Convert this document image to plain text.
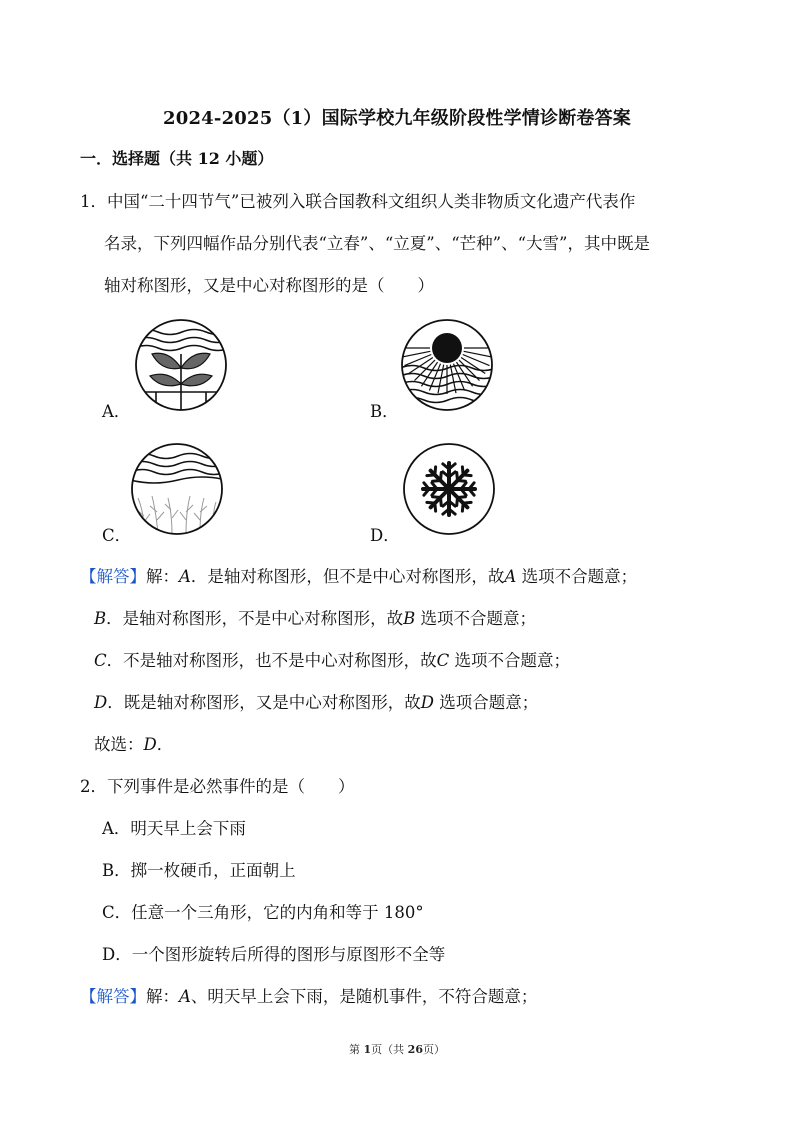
2024-2025（1）国际学校九年级阶段性学情诊断卷答案
一．选择题（共 12 小题）
1．中国“二十四节气”已被列入联合国教科文组织人类非物质文化遗产代表作
名录，下列四幅作品分别代表“立春”、“立夏”、“芒种”、“大雪”，其中既是
轴对称图形，又是中心对称图形的是（　　）
A．	B．
C．	D．
【解答】解：A．是轴对称图形，但不是中心对称图形，故A 选项不合题意；
B．是轴对称图形，不是中心对称图形，故B 选项不合题意；
C．不是轴对称图形，也不是中心对称图形，故C 选项不合题意；
D．既是轴对称图形，又是中心对称图形，故D 选项合题意；
故选：D．
2．下列事件是必然事件的是（　　）
A．明天早上会下雨
B．掷一枚硬币，正面朝上
C．任意一个三角形，它的内角和等于 180°
D．一个图形旋转后所得的图形与原图形不全等
【解答】解：A、明天早上会下雨，是随机事件，不符合题意；
第 1页（共 26页）
